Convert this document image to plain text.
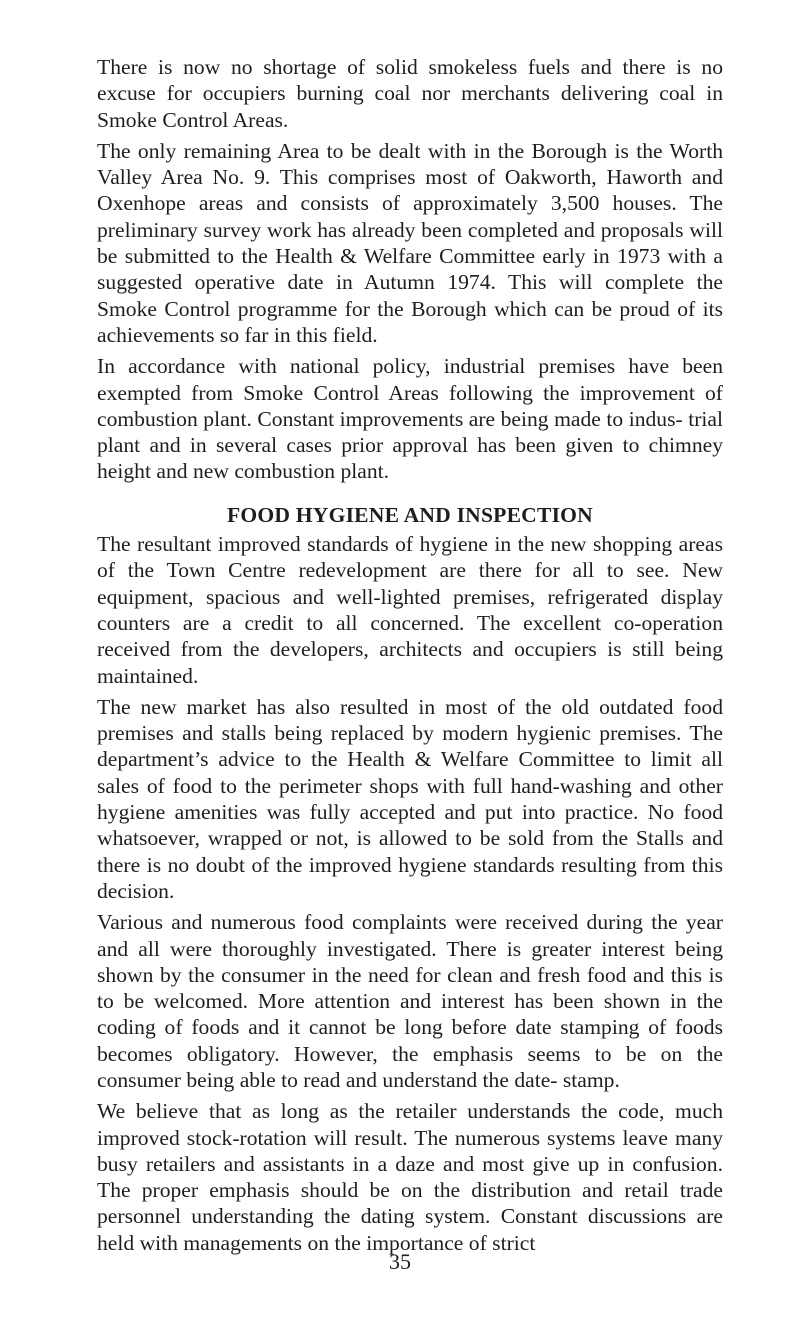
There is now no shortage of solid smokeless fuels and there is no excuse for occupiers burning coal nor merchants delivering coal in Smoke Control Areas.

The only remaining Area to be dealt with in the Borough is the Worth Valley Area No. 9. This comprises most of Oakworth, Haworth and Oxenhope areas and consists of approximately 3,500 houses. The preliminary survey work has already been completed and proposals will be submitted to the Health & Welfare Committee early in 1973 with a suggested operative date in Autumn 1974. This will complete the Smoke Control programme for the Borough which can be proud of its achievements so far in this field.

In accordance with national policy, industrial premises have been exempted from Smoke Control Areas following the improvement of combustion plant. Constant improvements are being made to indus- trial plant and in several cases prior approval has been given to chimney height and new combustion plant.

FOOD HYGIENE AND INSPECTION

The resultant improved standards of hygiene in the new shopping areas of the Town Centre redevelopment are there for all to see. New equipment, spacious and well-lighted premises, refrigerated display counters are a credit to all concerned. The excellent co-operation received from the developers, architects and occupiers is still being maintained.

The new market has also resulted in most of the old outdated food premises and stalls being replaced by modern hygienic premises. The department’s advice to the Health & Welfare Committee to limit all sales of food to the perimeter shops with full hand-washing and other hygiene amenities was fully accepted and put into practice. No food whatsoever, wrapped or not, is allowed to be sold from the Stalls and there is no doubt of the improved hygiene standards resulting from this decision.

Various and numerous food complaints were received during the year and all were thoroughly investigated. There is greater interest being shown by the consumer in the need for clean and fresh food and this is to be welcomed. More attention and interest has been shown in the coding of foods and it cannot be long before date stamping of foods becomes obligatory. However, the emphasis seems to be on the consumer being able to read and understand the date- stamp.

We believe that as long as the retailer understands the code, much improved stock-rotation will result. The numerous systems leave many busy retailers and assistants in a daze and most give up in confusion. The proper emphasis should be on the distribution and retail trade personnel understanding the dating system. Constant discussions are held with managements on the importance of strict

35
